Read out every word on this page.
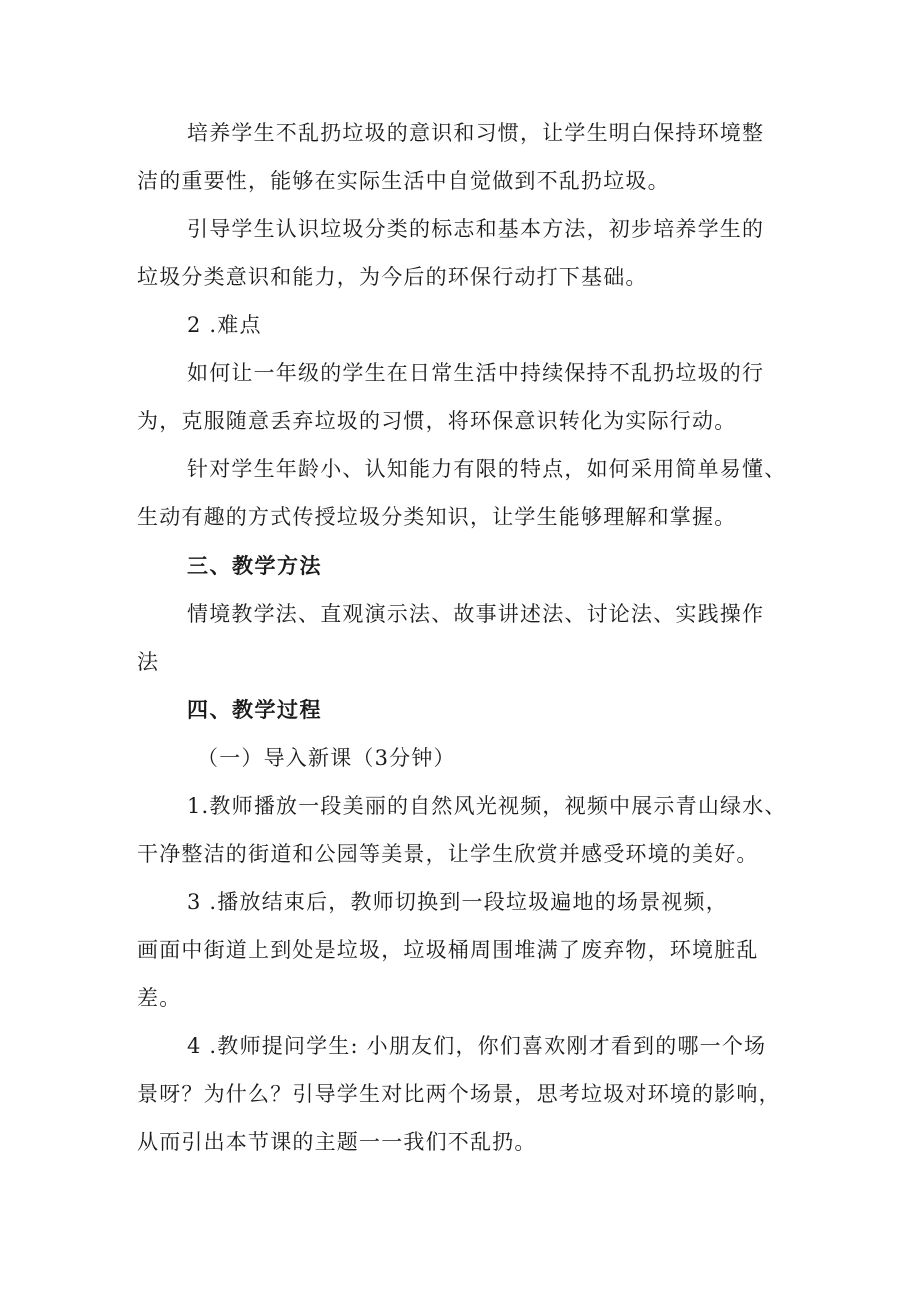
培养学生不乱扔垃圾的意识和习惯，让学生明白保持环境整
洁的重要性，能够在实际生活中自觉做到不乱扔垃圾。
引导学生认识垃圾分类的标志和基本方法，初步培养学生的
垃圾分类意识和能力，为今后的环保行动打下基础。
2 .难点
如何让一年级的学生在日常生活中持续保持不乱扔垃圾的行
为，克服随意丢弃垃圾的习惯，将环保意识转化为实际行动。
针对学生年龄小、认知能力有限的特点，如何采用简单易懂、
生动有趣的方式传授垃圾分类知识，让学生能够理解和掌握。
三、教学方法
情境教学法、直观演示法、故事讲述法、讨论法、实践操作
法
四、教学过程
（一）导入新课（3分钟）
1.教师播放一段美丽的自然风光视频，视频中展示青山绿水、
干净整洁的街道和公园等美景，让学生欣赏并感受环境的美好。
3 .播放结束后，教师切换到一段垃圾遍地的场景视频，
画面中街道上到处是垃圾，垃圾桶周围堆满了废弃物，环境脏乱
差。
4 .教师提问学生: 小朋友们，你们喜欢刚才看到的哪一个场
景呀？为什么？引导学生对比两个场景，思考垃圾对环境的影响，
从而引出本节课的主题一一我们不乱扔。
